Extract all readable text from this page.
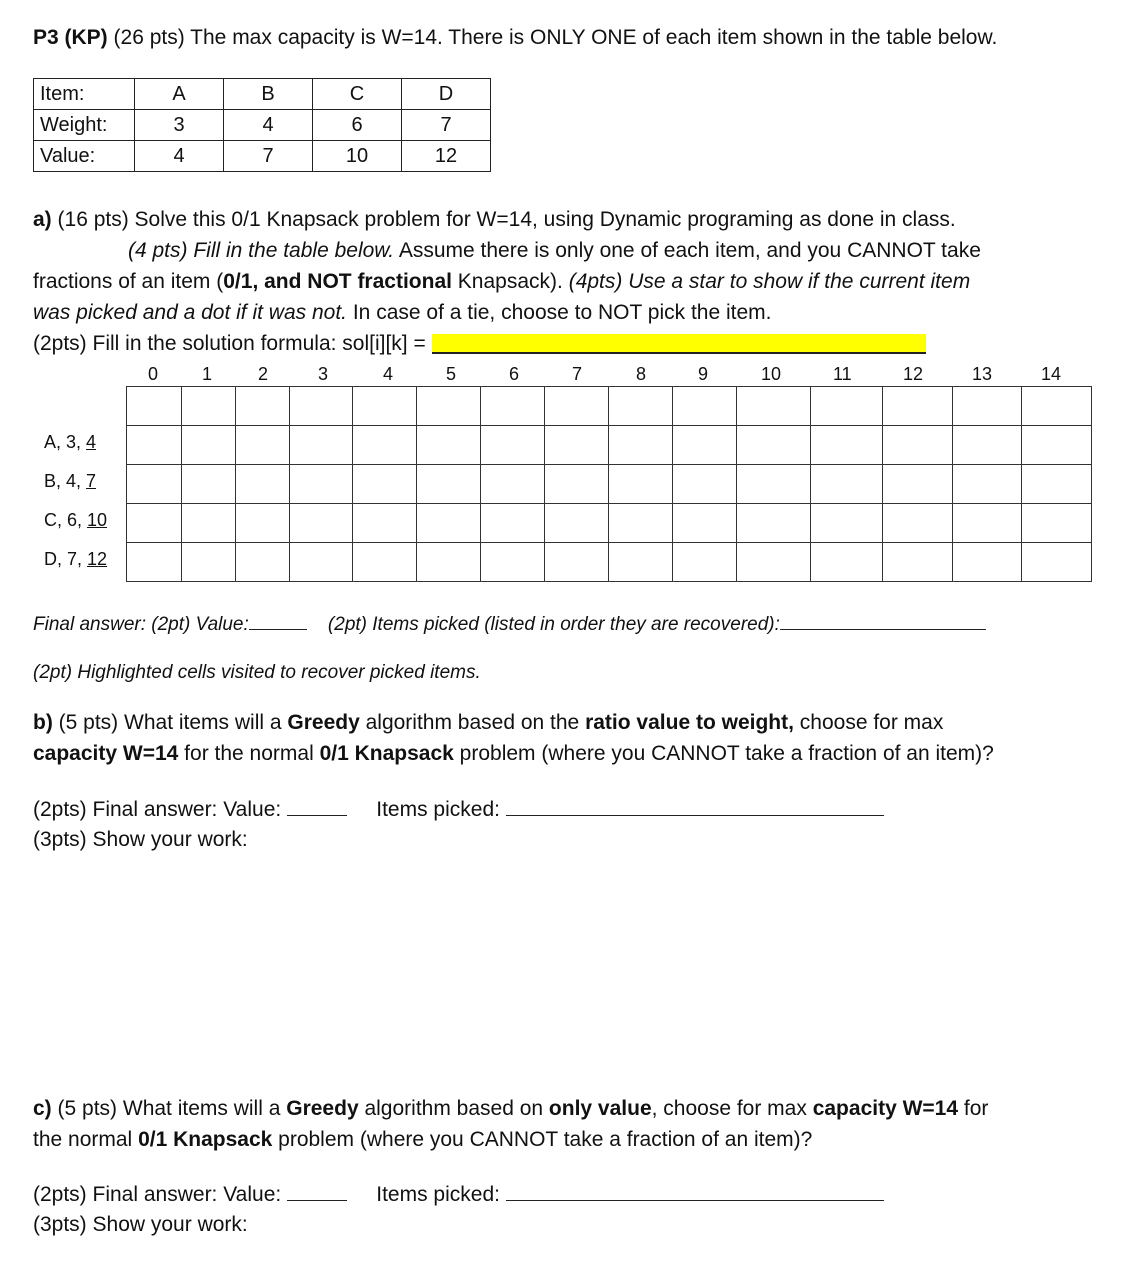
P3 (KP) (26 pts) The max capacity is W=14. There is ONLY ONE of each item shown in the table below.
Item:	A	B	C	D
Weight:	3	4	6	7
Value:	4	7	10	12
a) (16 pts) Solve this 0/1 Knapsack problem for W=14, using Dynamic programing as done in class.
(4 pts) Fill in the table below. Assume there is only one of each item, and you CANNOT take
fractions of an item (0/1, and NOT fractional Knapsack). (4pts) Use a star to show if the current item
was picked and a dot if it was not. In case of a tie, choose to NOT pick the item.
(2pts) Fill in the solution formula: sol[i][k] =
0 1	2	3	4	5	6	7	8	9	10	11	12	13	14
A, 3, 4
B, 4, 7
C, 6, 10
D, 7, 12

Final answer: (2pt) Value:	(2pt) Items picked (listed in order they are recovered):
(2pt) Highlighted cells visited to recover picked items.
b) (5 pts) What items will a Greedy algorithm based on the ratio value to weight, choose for max
capacity W=14 for the normal 0/1 Knapsack problem (where you CANNOT take a fraction of an item)?
(2pts) Final answer: Value:	Items picked:
(3pts) Show your work:
c) (5 pts) What items will a Greedy algorithm based on only value, choose for max capacity W=14 for
the normal 0/1 Knapsack problem (where you CANNOT take a fraction of an item)?
(2pts) Final answer: Value:	Items picked:
(3pts) Show your work:
